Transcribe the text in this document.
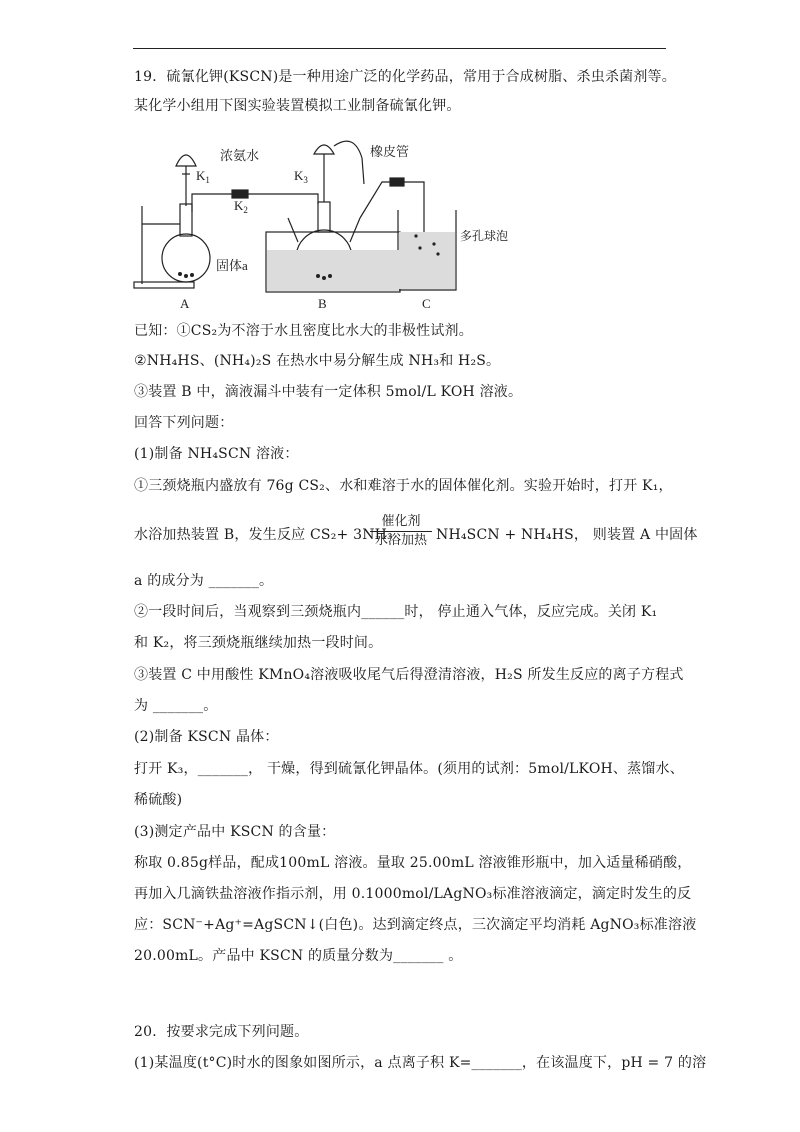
19．硫氰化钾(KSCN)是一种用途广泛的化学药品，常用于合成树脂、杀虫杀菌剂等。
某化学小组用下图实验装置模拟工业制备硫氰化钾。
浓氨水
$K_1$
$K_2$
$K_3$
橡皮管
固体a
多孔球泡
A	B	C
已知：①CS₂为不溶于水且密度比水大的非极性试剂。
②NH₄HS、(NH₄)₂S 在热水中易分解生成 NH₃和 H₂S。
③装置 B 中，滴液漏斗中装有一定体积 5mol/L KOH 溶液。
回答下列问题：
(1)制备 NH₄SCN 溶液：
①三颈烧瓶内盛放有 76g CS₂、水和难溶于水的固体催化剂。实验开始时，打开 K₁，
水浴加热装置 B，发生反应 CS₂+ 3NH₃
催化剂
水浴加热 NH₄SCN + NH₄HS， 则装置 A 中固体
a 的成分为 _______。
②一段时间后，当观察到三颈烧瓶内______时， 停止通入气体，反应完成。关闭 K₁
和 K₂，将三颈烧瓶继续加热一段时间。
③装置 C 中用酸性 KMnO₄溶液吸收尾气后得澄清溶液，H₂S 所发生反应的离子方程式
为 _______。
(2)制备 KSCN 晶体：
打开 K₃，_______， 干燥，得到硫氰化钾晶体。(须用的试剂：5mol/LKOH、蒸馏水、
稀硫酸)
(3)测定产品中 KSCN 的含量：
称取 0.85g样品，配成100mL 溶液。量取 25.00mL 溶液锥形瓶中，加入适量稀硝酸，
再加入几滴铁盐溶液作指示剂，用 0.1000mol/LAgNO₃标准溶液滴定，滴定时发生的反
应：SCN⁻+Ag⁺=AgSCN↓(白色)。达到滴定终点，三次滴定平均消耗 AgNO₃标准溶液
20.00mL。产品中 KSCN 的质量分数为_______ 。
20．按要求完成下列问题。
(1)某温度(t°C)时水的图象如图所示，a 点离子积 K=_______，在该温度下，pH = 7 的溶
